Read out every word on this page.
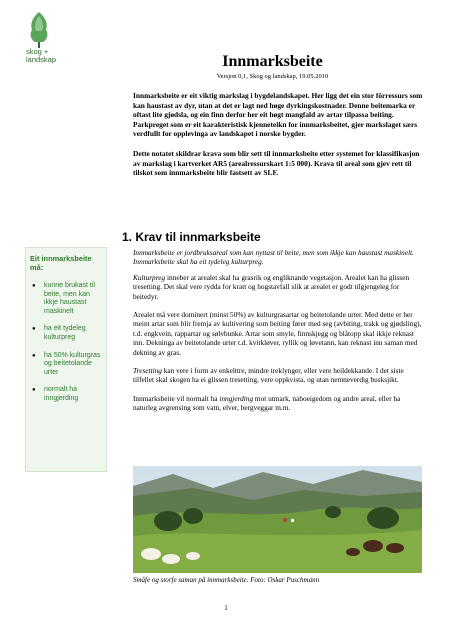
skog +
landskap	Innmarksbeite
Versjon 0,1, Skog og landskap, 19.05.2010

Innmarksbeite er eit viktig markslag i bygdelandskapet. Her ligg det ein stor fôrressurs som kan haustast av dyr, utan at det er lagt ned høge dyrkingskostnader. Denne beitemarka er oftast lite gjødsla, og ein finn derfor her eit høgt mangfald av artar tilpassa beiting. Parkpreget som er eit karakteristisk kjenneteikn for innmarksbeitet, gjer markslaget særs verdfullt for opplevinga av landskapet i norske bygder.

Dette notatet skildrar krava som blir sett til innmarksbeite etter systemet for klassifikasjon av markslag i kartverket AR5 (arealressurskart 1:5 000). Krava til areal som gjev rett til tilskot som innmarksbeite blir fastsett av SLF.

1. Krav til innmarksbeite
Eit innmarksbeite må:
● kunne brukast til beite, men kan ikkje haustast maskinelt
● ha eit tydeleg kulturpreg
● ha 50% kulturgras og beitetolande urter
● normalt ha inngjerding

Innmarksbeite er jordbruksareal som kan nyttast til beite, men som ikkje kan haustast maskinelt. Innmarksbeite skal ha eit tydeleg kulturpreg.

Kulturpreg inneber at arealet skal ha grasrik og engliknande vegetasjon. Arealet kan ha glissen tresetting. Det skal vere rydda for kratt og hogstavfall slik at arealet er godt tilgjengeleg for beitedyr.

Arealet må vere dominert (minst 50%) av kulturgrasartar og beitetolande urter. Med dette er her meint artar som blir fremja av kultivering som beiting fører med seg (avbiting, trakk og gjødsling), t.d. engkvein, rappartar og sølvbunke. Artar som smyle, finnskjegg og blåtopp skal ikkje reknast inn. Dekninga av beitetolande urter t.d. kvitkløver, ryllik og løvetann, kan reknast inn saman med dekning av gras.

Tresetting kan vere i form av enkelttre, mindre treklynger, eller vere heildekkande. I det siste tilfellet skal skogen ha ei glissen tresetting, vere oppkvista, og utan nemneverdig busksjikt.

Innmarksbeite vil normalt ha inngjerding mot utmark, naboeigedom og andre areal, eller ha naturleg avgrensing som vatn, elver, bergveggar m.m.

Småfe og storfe saman på innmarksbeite. Foto: Oskar Puschmann
1
